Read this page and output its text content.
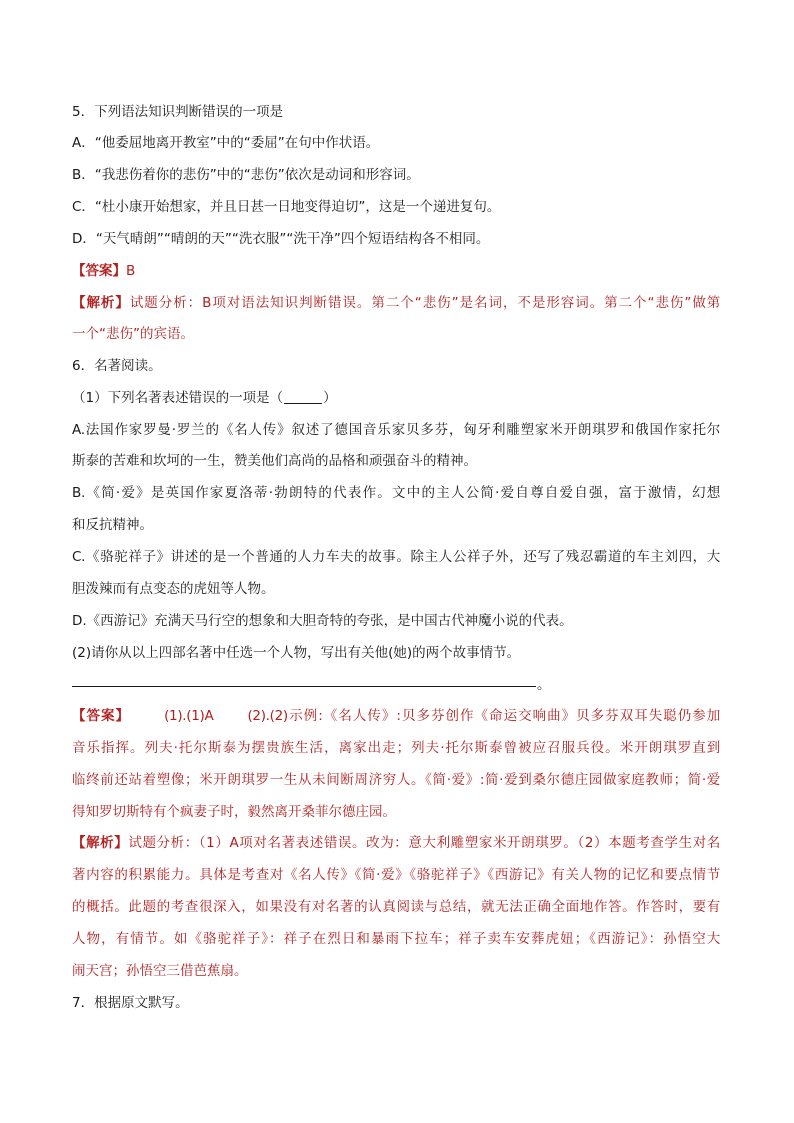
5．下列语法知识判断错误的一项是

A．“他委屈地离开教室”中的“委屈”在句中作状语。

B．“我悲伤着你的悲伤”中的“悲伤”依次是动词和形容词。

C．“杜小康开始想家，并且日甚一日地变得迫切”，这是一个递进复句。

D．“天气晴朗”“晴朗的天”“洗衣服”“洗干净”四个短语结构各不相同。

【答案】B

【解析】试题分析：B项对语法知识判断错误。第二个“悲伤”是名词，不是形容词。第二个“悲伤”做第

一个“悲伤”的宾语。

6．名著阅读。

（1）下列名著表述错误的一项是（	）

A.法国作家罗曼·罗兰的《名人传》叙述了德国音乐家贝多芬，匈牙利雕塑家米开朗琪罗和俄国作家托尔

斯泰的苦难和坎坷的一生，赞美他们高尚的品格和顽强奋斗的精神。

B.《简·爱》是英国作家夏洛蒂·勃朗特的代表作。文中的主人公简·爱自尊自爱自强，富于激情，幻想

和反抗精神。

C.《骆驼祥子》讲述的是一个普通的人力车夫的故事。除主人公祥子外，还写了残忍霸道的车主刘四，大

胆泼辣而有点变态的虎妞等人物。

D.《西游记》充满天马行空的想象和大胆奇特的夸张，是中国古代神魔小说的代表。

(2)请你从以上四部名著中任选一个人物，写出有关他(她)的两个故事情节。

。

【答案】	(1).(1)A	(2).(2)示例:《名人传》:贝多芬创作《命运交响曲》贝多芬双耳失聪仍参加

音乐指挥。列夫·托尔斯泰为摆贵族生活，离家出走；列夫·托尔斯泰曾被应召服兵役。米开朗琪罗直到

临终前还站着塑像；米开朗琪罗一生从未间断周济穷人。《简·爱》:简·爱到桑尔德庄园做家庭教师；简·爱

得知罗切斯特有个疯妻子时，毅然离开桑菲尔德庄园。

【解析】试题分析：（1）A项对名著表述错误。改为：意大利雕塑家米开朗琪罗。（2）本题考查学生对名

著内容的积累能力。具体是考查对《名人传》《简·爱》《骆驼祥子》《西游记》有关人物的记忆和要点情节

的概括。此题的考查很深入，如果没有对名著的认真阅读与总结，就无法正确全面地作答。作答时，要有

人物，有情节。如《骆驼祥子》：祥子在烈日和暴雨下拉车；祥子卖车安葬虎妞；《西游记》：孙悟空大

闹天宫；孙悟空三借芭蕉扇。

7．根据原文默写。
